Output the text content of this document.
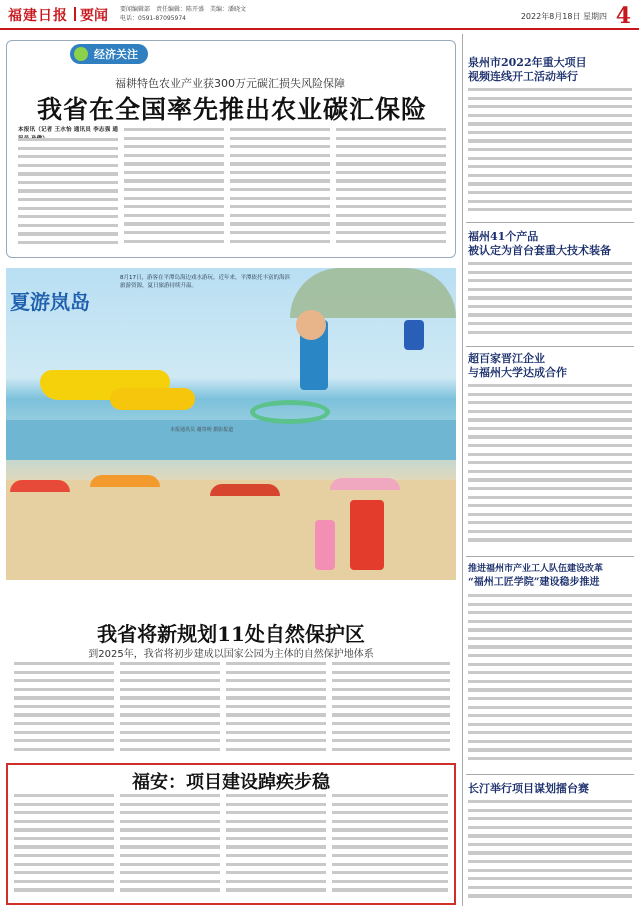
福建日报 要闻 要闻编辑部　责任编辑：陈开盛　美编：潘晓文
电话：0591-87095974	2022年8月18日 星期四 4
经济关注
福耕特色农业产业获300万元碳汇损失风险保障
我省在全国率先推出农业碳汇保险
本报讯（记者 王水怡 通讯员 李志强 通
夏游岚岛
8月17日，游客在平潭岛海边戏水游玩。近年来，平潭依托丰富的海滨旅游资源，夏日旅游持续升温。
本报通讯员 谢贵明 摄影报道
我省将新规划11处自然保护区
到2025年，我省将初步建成以国家公园为主体的自然保护地体系
福安：项目建设踔疾步稳
泉州市2022年重大项目
视频连线开工活动举行
福州41个产品
被认定为首台套重大技术装备
超百家晋江企业
与福州大学达成合作
推进福州市产业工人队伍建设改革
“福州工匠学院”建设稳步推进
长汀举行项目谋划擂台赛
